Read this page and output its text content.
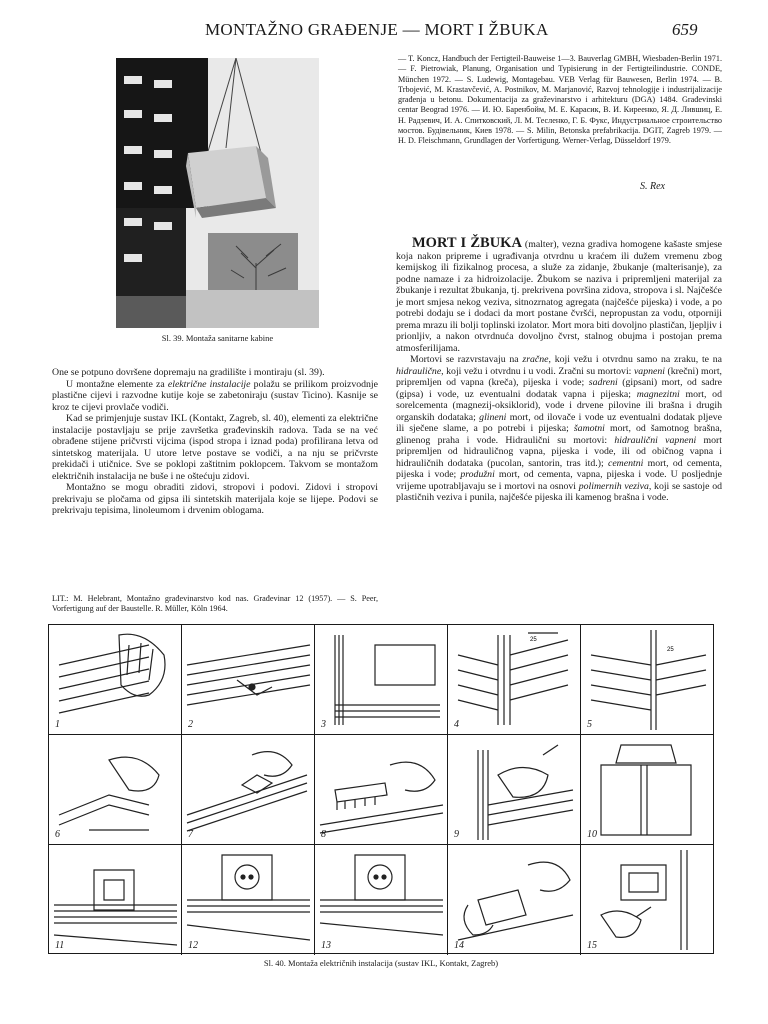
MONTAŽNO GRAĐENJE — MORT I ŽBUKA	659
Sl. 39. Montaža sanitarne kabine
— T. Koncz, Handbuch der Fertigteil-Bauweise 1—3. Bauverlag GMBH, Wiesbaden-Berlin 1971. — F. Pietrowiak, Planung, Organisation und Typisierung in der Fertigteilindustrie. CONDE, München 1972. — S. Ludewig, Montagebau. VEB Verlag für Bauwesen, Berlin 1974. — B. Trbojević, M. Krastavčević, A. Postnikov, M. Marjanović, Razvoj tehnologije i industrijalizacije građenja u betonu. Dokumentacija za graževinarstvo i arhitekturu (DGA) 1484. Građevinski centar Beograd 1976. — И. Ю. Баренбойм, М. Е. Карасик, В. И. Киреенко, Я. Д. Лившиц, Е. Н. Радзевич, И. А. Спитковский, Л. М. Тесленко, Г. Б. Фукс, Индустриальное строительство мостов. Будівельник, Киев 1978. — S. Milin, Betonska prefabrikacija. DGIT, Zagreb 1979. — H. D. Fleischmann, Grundlagen der Vorfertigung. Werner-Verlag, Düsseldorf 1979.
S. Rex

One se potpuno dovršene dopremaju na gradilište i montiraju (sl. 39).

U montažne elemente za električne instalacije polažu se prilikom proizvodnje plastične cijevi i razvodne kutije koje se zabetoniraju (sustav Ticino). Kasnije se kroz te cijevi provlače vodiči.

Kad se primjenjuje sustav IKL (Kontakt, Zagreb, sl. 40), elementi za električne instalacije postavljaju se prije završetka građevinskih radova. Tada se na već obrađene stijene pričvrsti vijcima (ispod stropa i iznad poda) profilirana letva od sintetskog materijala. U utore letve postave se vodiči, a na nju se pričvrste prekidači i utičnice. Sve se poklopi zaštitnim poklopcem. Takvom se montažom električnih instalacija ne buše i ne oštećuju zidovi.

Montažno se mogu obraditi zidovi, stropovi i podovi. Zidovi i stropovi prekrivaju se pločama od gipsa ili sintetskih materijala koje se lijepe. Podovi se prekrivaju tepisima, linoleumom i drvenim oblogama.

LIT.: M. Helebrant, Montažno građevinarstvo kod nas. Građevinar 12 (1957). — S. Peer, Vorfertigung auf der Baustelle. R. Müller, Köln 1964.

MORT I ŽBUKA (malter), vezna gradiva homogene kašaste smjese koja nakon pripreme i ugrađivanja otvrdnu u kraćem ili dužem vremenu zbog kemijskog ili fizikalnog procesa, a služe za zidanje, žbukanje (malterisanje), za podne namaze i za hidroizolacije. Žbukom se naziva i pripremljeni materijal za žbukanje i rezultat žbukanja, tj. prekrivena površina zidova, stropova i sl. Najčešće je mort smjesa nekog veziva, sitnozrnatog agregata (najčešće pijeska) i vode, a po potrebi dodaju se i dodaci da mort postane čvršći, nepropustan za vodu, otporniji prema mrazu ili bolji toplinski izolator. Mort mora biti dovoljno plastičan, ljepljiv i prionljiv, a nakon otvrdnuća dovoljno čvrst, stalnog obujma i postojan prema atmosferilijama.

Mortovi se razvrstavaju na zračne, koji vežu i otvrdnu samo na zraku, te na hidraulične, koji vežu i otvrdnu i u vodi. Zračni su mortovi: vapneni (krečni) mort, pripremljen od vapna (kreča), pijeska i vode; sadreni (gipsani) mort, od sadre (gipsa) i vode, uz eventualni dodatak vapna i pijeska; magnezitni mort, od sorelcementa (magnezij-oksiklorid), vode i drvene pilovine ili brašna i drugih organskih dodataka; glineni mort, od ilovače i vode uz eventualni dodatak pljeve ili sječene slame, a po potrebi i pijeska; šamotni mort, od šamotnog brašna, glinenog praha i vode. Hidraulični su mortovi: hidraulični vapneni mort pripremljen od hidrauličnog vapna, pijeska i vode, ili od običnog vapna i hidrauličnih dodataka (pucolan, santorin, tras itd.); cementni mort, od cementa, pijeska i vode; produžni mort, od cementa, vapna, pijeska i vode. U posljednje vrijeme upotrabljavaju se i mortovi na osnovi polimernih veziva, koji se sastoje od plastičnih veziva i punila, najčešće pijeska ili kamenog brašna i vode.

1	2	3
25
4
25
5
6	7	8	9	10
11	12	13	14	15
Sl. 40. Montaža električnih instalacija (sustav IKL, Kontakt, Zagreb)
